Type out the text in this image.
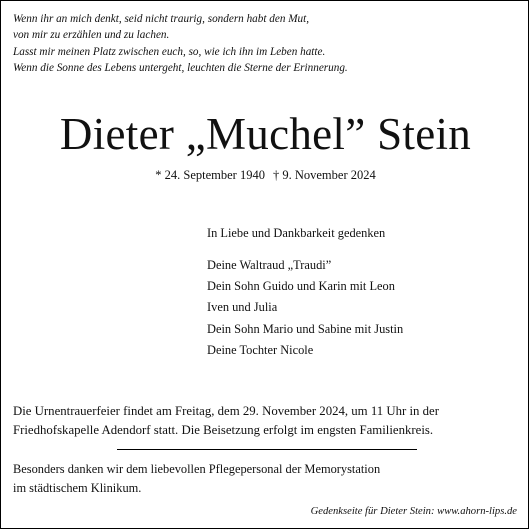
Wenn ihr an mich denkt, seid nicht traurig, sondern habt den Mut,
von mir zu erzählen und zu lachen.
Lasst mir meinen Platz zwischen euch, so, wie ich ihn im Leben hatte.
Wenn die Sonne des Lebens untergeht, leuchten die Sterne der Erinnerung.
Dieter „Muchel” Stein
* 24. September 1940 † 9. November 2024
In Liebe und Dankbarkeit gedenken
Deine Waltraud „Traudi”
Dein Sohn Guido und Karin mit Leon
Iven und Julia
Dein Sohn Mario und Sabine mit Justin
Deine Tochter Nicole
Die Urnentrauerfeier findet am Freitag, dem 29. November 2024, um 11 Uhr in der
Friedhofskapelle Adendorf statt. Die Beisetzung erfolgt im engsten Familienkreis.
Besonders danken wir dem liebevollen Pflegepersonal der Memorystation
im städtischem Klinikum.
Gedenkseite für Dieter Stein: www.ahorn-lips.de
